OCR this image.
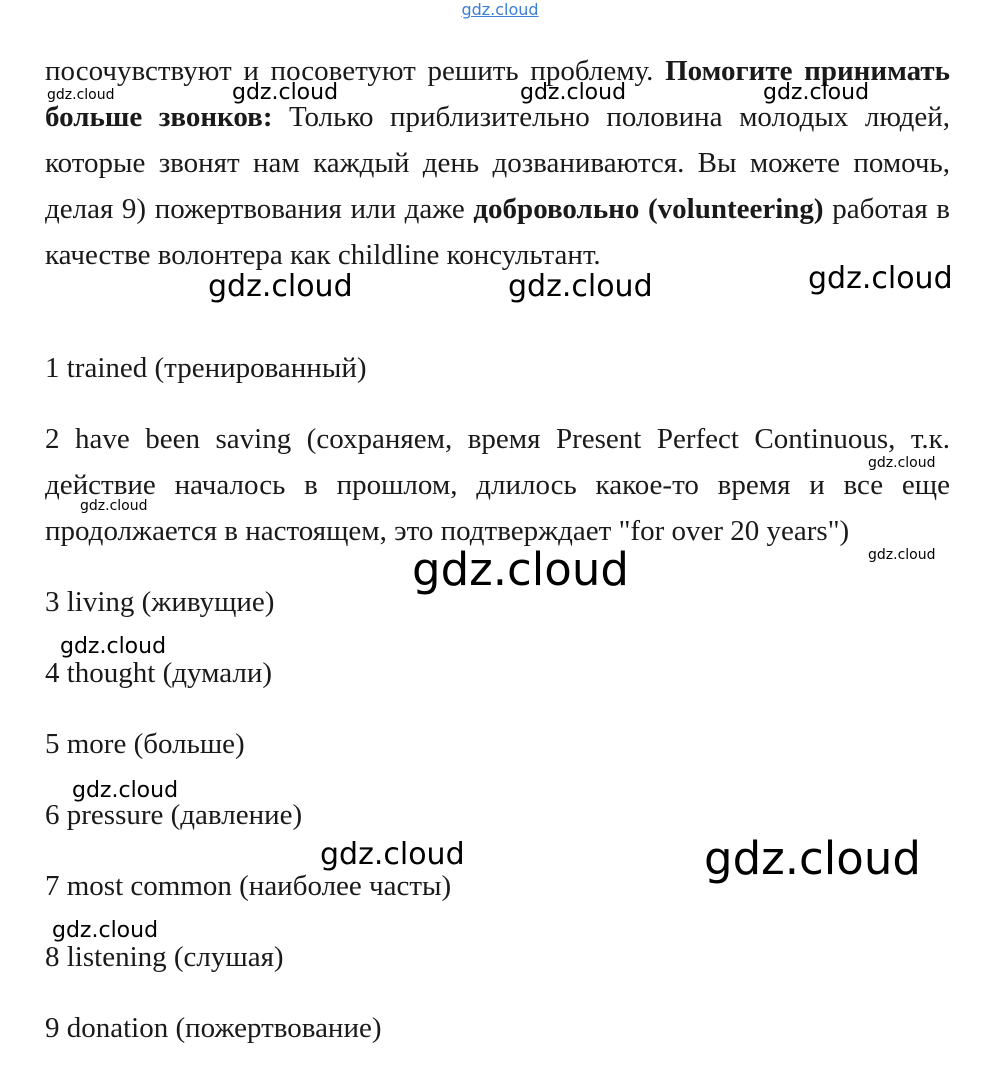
gdz.cloud

посочувствуют и посоветуют решить проблему. Помогите принимать больше звонков: Только приблизительно половина молодых людей, которые звонят нам каждый день дозваниваются. Вы можете помочь, делая 9) пожертвования или даже добровольно (volunteering) работая в качестве волонтера как childline консультант.

1 trained (тренированный)

2 have been saving (сохраняем, время Present Perfect Continuous, т.к. действие началось в прошлом, длилось какое-то время и все еще продолжается в настоящем, это подтверждает "for over 20 years")

3 living (живущие)

4 thought (думали)

5 more (больше)

6 pressure (давление)

7 most common (наиболее часты)

8 listening (слушая)

9 donation (пожертвование)

gdz.cloud	gdz.cloud	gdz.cloud	gdz.cloud
gdz.cloud	gdz.cloud	gdz.cloud
gdz.cloud
gdz.cloud
gdz.cloud
gdz.cloud
gdz.cloud
gdz.cloud
gdz.cloud	gdz.cloud
gdz.cloud
